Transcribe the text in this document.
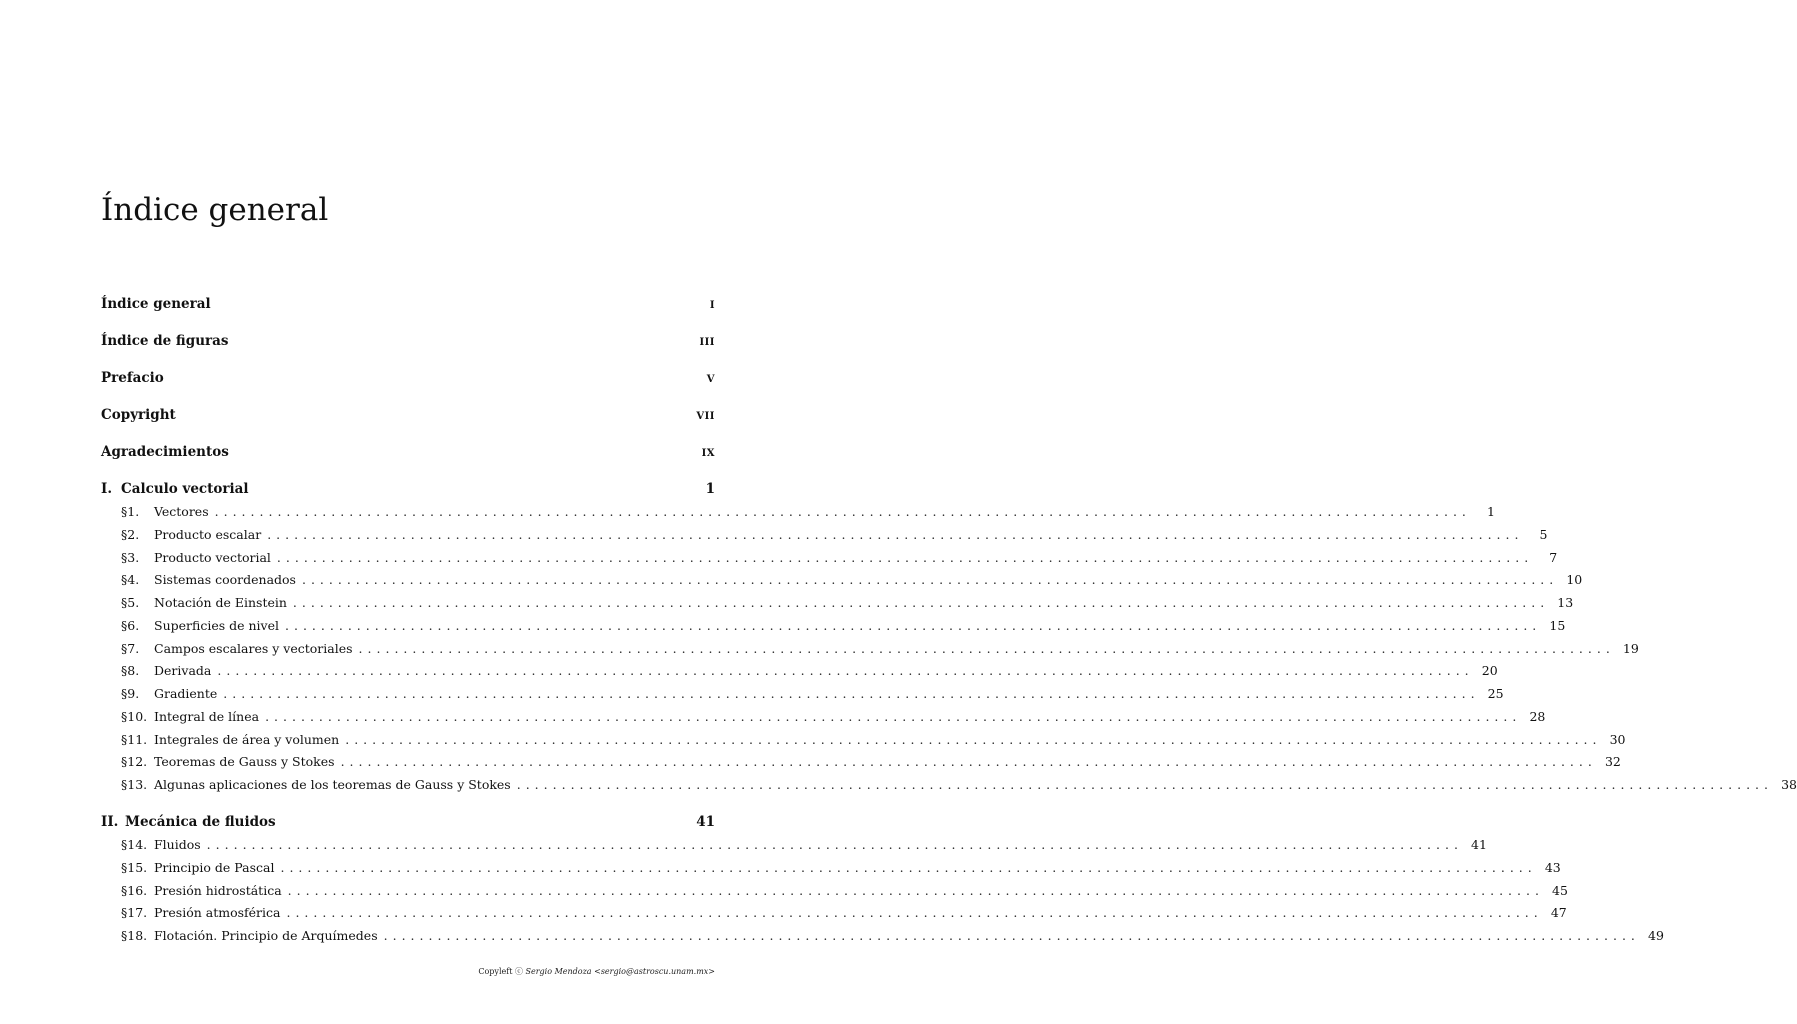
Índice general
Índice general	I
Índice de figuras	III
Prefacio	V
Copyright	VII
Agradecimientos	IX
I. Calculo vectorial	1
§1.	Vectores ............................................................................................................................................	1
§2.	Producto escalar ............................................................................................................................................	5
§3.	Producto vectorial ............................................................................................................................................	7
§4.	Sistemas coordenados ............................................................................................................................................ 10
§5.	Notación de Einstein ............................................................................................................................................ 13
§6.	Superficies de nivel ............................................................................................................................................ 15
§7.	Campos escalares y vectoriales ............................................................................................................................................ 19
§8.	Derivada ............................................................................................................................................ 20
§9.	Gradiente ............................................................................................................................................ 25
§10. Integral de línea ............................................................................................................................................ 28
§11. Integrales de área y volumen ............................................................................................................................................ 30
§12. Teoremas de Gauss y Stokes ............................................................................................................................................ 32
§13. Algunas aplicaciones de los teoremas de Gauss y Stokes ............................................................................................................................................ 38
II. Mecánica de fluidos	41
§14. Fluidos ............................................................................................................................................ 41
§15. Principio de Pascal ............................................................................................................................................ 43
§16. Presión hidrostática ............................................................................................................................................ 45
§17. Presión atmosférica ............................................................................................................................................ 47
§18. Flotación. Principio de Arquímedes ............................................................................................................................................ 49
Copyleft ⓒ Sergio Mendoza <sergio@astroscu.unam.mx>
